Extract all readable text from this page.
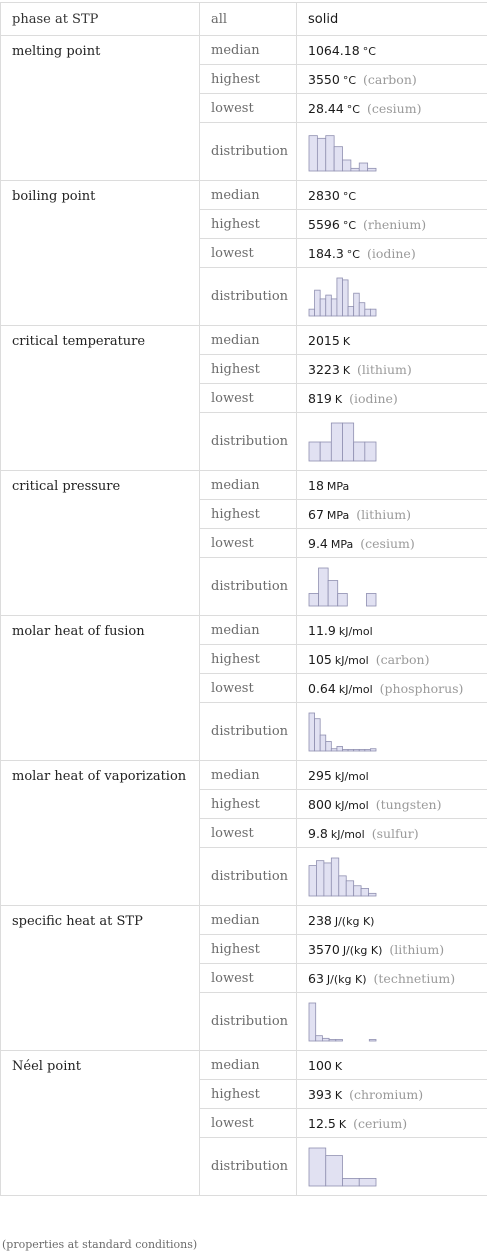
phase at STP	all	solid
melting point	median	1064.18 °C
	highest	3550 °C (carbon)
	lowest	28.44 °C (cesium)
	distribution	

boiling point	median	2830 °C
	highest	5596 °C (rhenium)
	lowest	184.3 °C (iodine)
	distribution	

critical temperature	median	2015 K
	highest	3223 K (lithium)
	lowest	819 K (iodine)
	distribution	

critical pressure	median	18 MPa
	highest	67 MPa (lithium)
	lowest	9.4 MPa (cesium)
	distribution	

molar heat of fusion	median	11.9 kJ/mol
	highest	105 kJ/mol (carbon)
	lowest	0.64 kJ/mol (phosphorus)
	distribution	

molar heat of vaporization	median	295 kJ/mol
	highest	800 kJ/mol (tungsten)
	lowest	9.8 kJ/mol (sulfur)
	distribution	

specific heat at STP	median	238 J/(kg K)
	highest	3570 J/(kg K) (lithium)
	lowest	63 J/(kg K) (technetium)
	distribution	

Néel point	median	100 K
	highest	393 K (chromium)
	lowest	12.5 K (cerium)
	distribution	
(properties at standard conditions)
